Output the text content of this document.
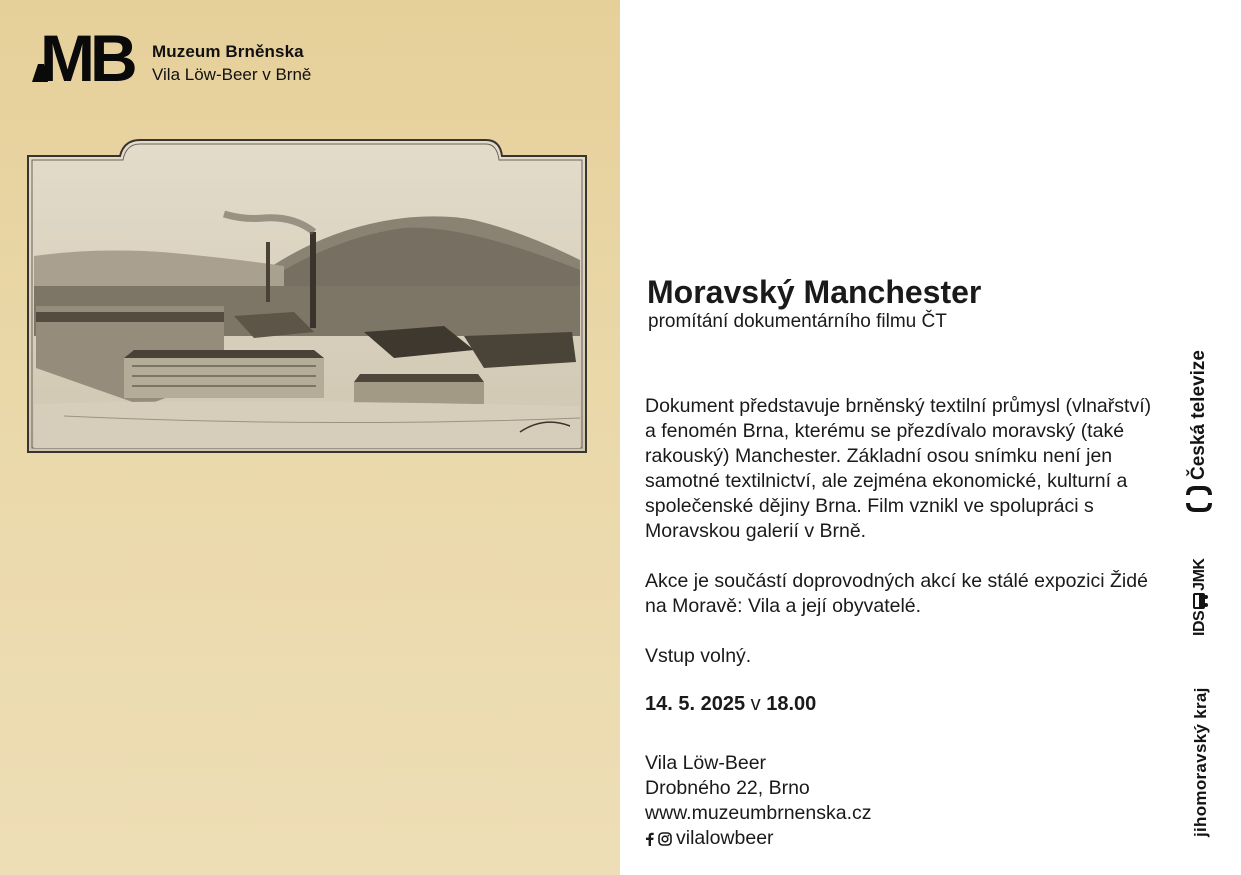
MB Muzeum Brněnska
Vila Löw-Beer v Brně
Moravský Manchester
promítání dokumentárního filmu ČT
Dokument představuje brněnský textilní průmysl (vlnařství) a fenomén Brna, kterému se přezdívalo moravský (také rakouský) Manchester. Základní osou snímku není jen samotné textilnictví, ale zejména ekonomické, kulturní a společenské dějiny Brna. Film vznikl ve spolupráci s Moravskou galerií v Brně.
Akce je součástí doprovodných akcí ke stálé expozici Židé na Moravě: Vila a její obyvatelé.
Vstup volný.
14. 5. 2025 v 18.00
Vila Löw-Beer
Drobného 22, Brno
www.muzeumbrnenska.cz
vilalowbeer
Česká televize
IDS
JMK
jihomoravský kraj
